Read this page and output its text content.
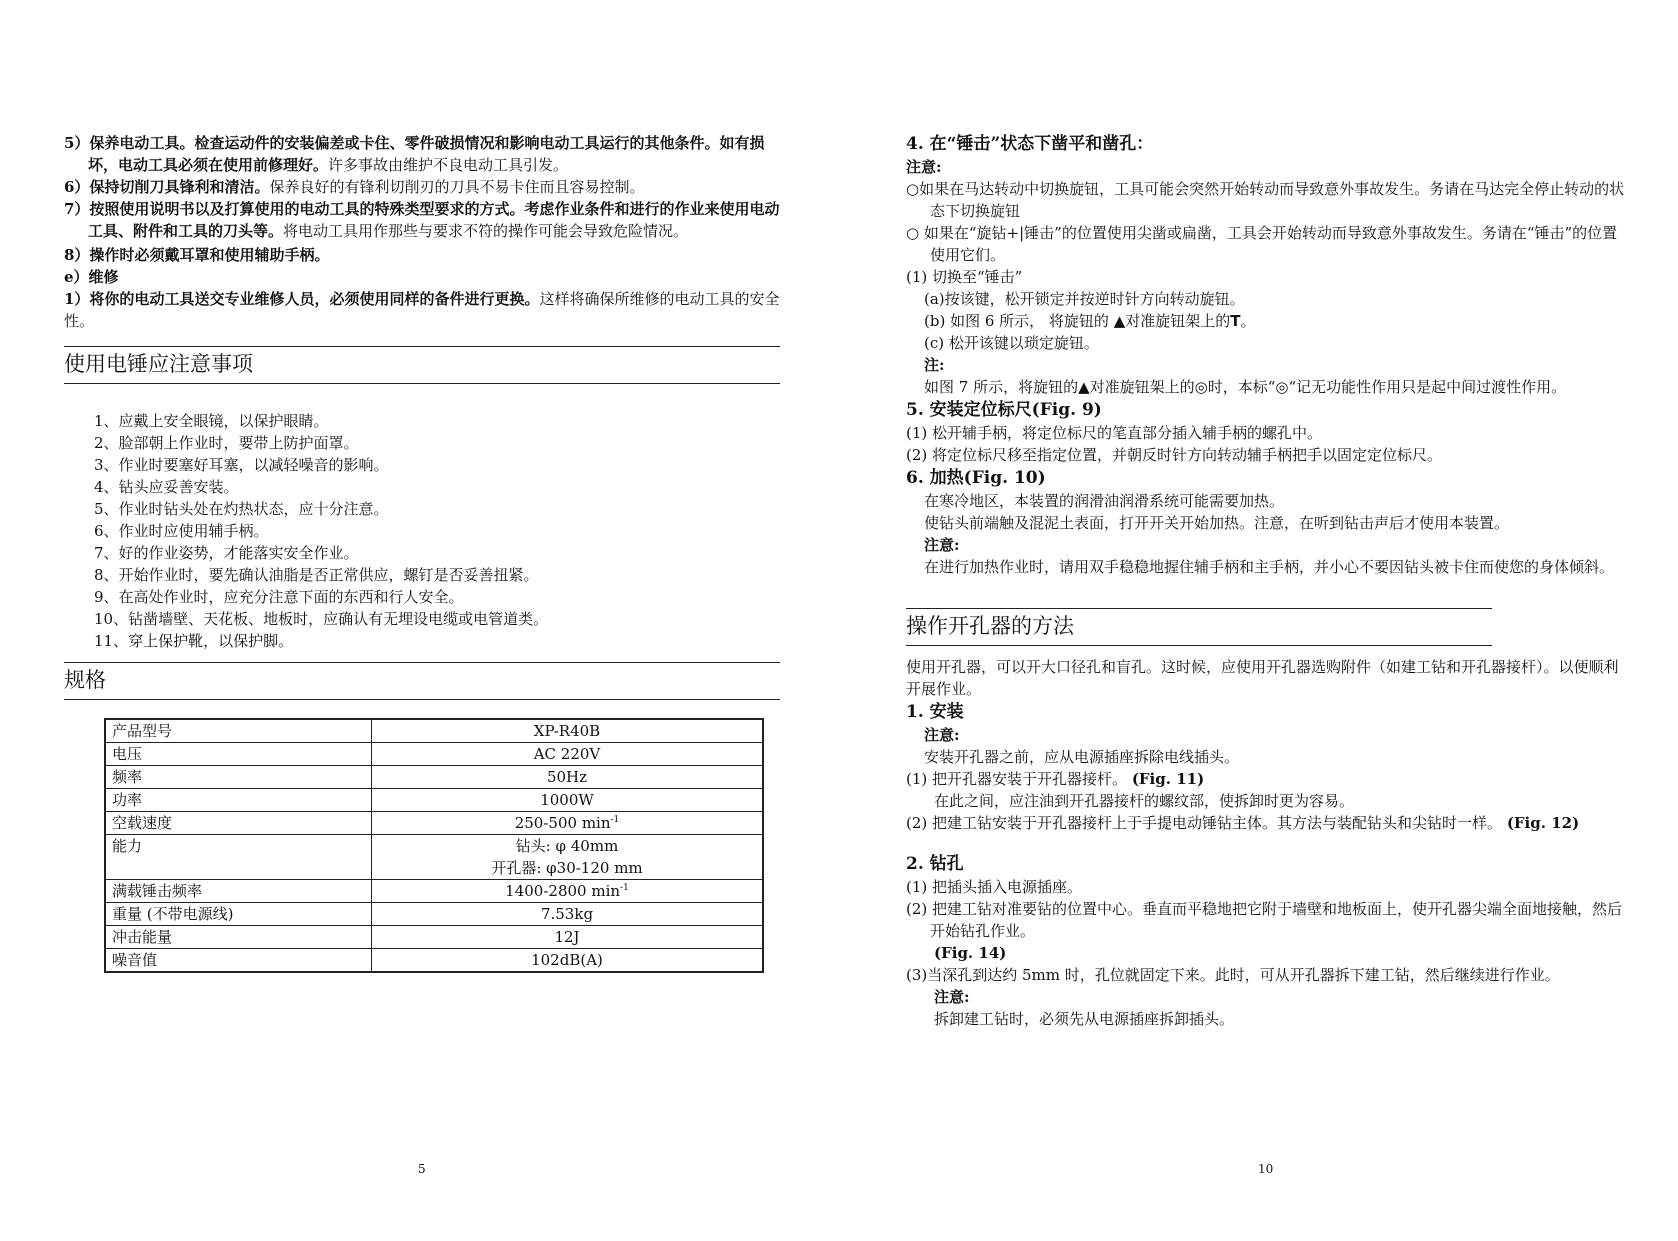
5）保养电动工具。检查运动件的安装偏差或卡住、零件破损情况和影响电动工具运行的其他条件。如有损坏，电动工具必须在使用前修理好。许多事故由维护不良电动工具引发。

6）保持切削刀具锋利和清洁。保养良好的有锋利切削刃的刀具不易卡住而且容易控制。

7）按照使用说明书以及打算使用的电动工具的特殊类型要求的方式。考虑作业条件和进行的作业来使用电动工具、附件和工具的刀头等。将电动工具用作那些与要求不符的操作可能会导致危险情况。

8）操作时必须戴耳罩和使用辅助手柄。

e）维修

1）将你的电动工具送交专业维修人员，必须使用同样的备件进行更换。这样将确保所维修的电动工具的安全性。

使用电锤应注意事项

1、应戴上安全眼镜，以保护眼睛。

2、脸部朝上作业时，要带上防护面罩。

3、作业时要塞好耳塞，以减轻噪音的影响。

4、钻头应妥善安装。

5、作业时钻头处在灼热状态，应十分注意。

6、作业时应使用辅手柄。

7、好的作业姿势，才能落实安全作业。

8、开始作业时，要先确认油脂是否正常供应，螺钉是否妥善扭紧。

9、在高处作业时，应充分注意下面的东西和行人安全。

10、钻凿墙壁、天花板、地板时，应确认有无埋设电缆或电管道类。

11、穿上保护靴，以保护脚。

规格
产品型号	XP-R40B
电压	AC 220V
频率	50Hz
功率	1000W
空载速度	250-500 $\min^{-1}$
能力	钻头: φ 40mm
开孔器: φ30-120 mm

满载锤击频率	1400-2800 $\min^{-1}$
重量 (不带电源线)	7.53kg
冲击能量	12J
噪音值	102dB(A)
5

4. 在“锤击”状态下凿平和凿孔：

注意:

○如果在马达转动中切换旋钮，工具可能会突然开始转动而导致意外事故发生。务请在马达完全停止转动的状态下切换旋钮

○ 如果在“旋钻+|锤击”的位置使用尖凿或扁凿，工具会开始转动而导致意外事故发生。务请在“锤击”的位置使用它们。

(1) 切换至“锤击”

(a)按该键，松开锁定并按逆时针方向转动旋钮。

(b) 如图 6 所示， 将旋钮的 ▲对准旋钮架上的T。

(c) 松开该键以琐定旋钮。

注:

如图 7 所示，将旋钮的▲对准旋钮架上的◎时，本标“◎“记无功能性作用只是起中间过渡性作用。

5. 安装定位标尺(Fig. 9)

(1) 松开辅手柄，将定位标尺的笔直部分插入辅手柄的螺孔中。

(2) 将定位标尺移至指定位置，并朝反时针方向转动辅手柄把手以固定定位标尺。

6. 加热(Fig. 10)

在寒冷地区，本装置的润滑油润滑系统可能需要加热。

使钻头前端触及混泥土表面，打开开关开始加热。注意，在听到钻击声后才使用本装置。

注意:

在进行加热作业时，请用双手稳稳地握住辅手柄和主手柄，并小心不要因钻头被卡住而使您的身体倾斜。

操作开孔器的方法

使用开孔器，可以开大口径孔和盲孔。这时候，应使用开孔器选购附件（如建工钻和开孔器接杆）。以便顺利开展作业。

1. 安装

注意:

安装开孔器之前，应从电源插座拆除电线插头。

(1) 把开孔器安装于开孔器接杆。 (Fig. 11)

在此之间，应注油到开孔器接杆的螺纹部，使拆卸时更为容易。

(2) 把建工钻安装于开孔器接杆上于手提电动锤钻主体。其方法与装配钻头和尖钻时一样。 (Fig. 12)

2. 钻孔

(1) 把插头插入电源插座。

(2) 把建工钻对准要钻的位置中心。垂直而平稳地把它附于墙壁和地板面上，使开孔器尖端全面地接触，然后开始钻孔作业。

(Fig. 14)

(3)当深孔到达约 5mm 时，孔位就固定下来。此时，可从开孔器拆下建工钻，然后继续进行作业。

注意:

拆卸建工钻时，必须先从电源插座拆卸插头。

10
